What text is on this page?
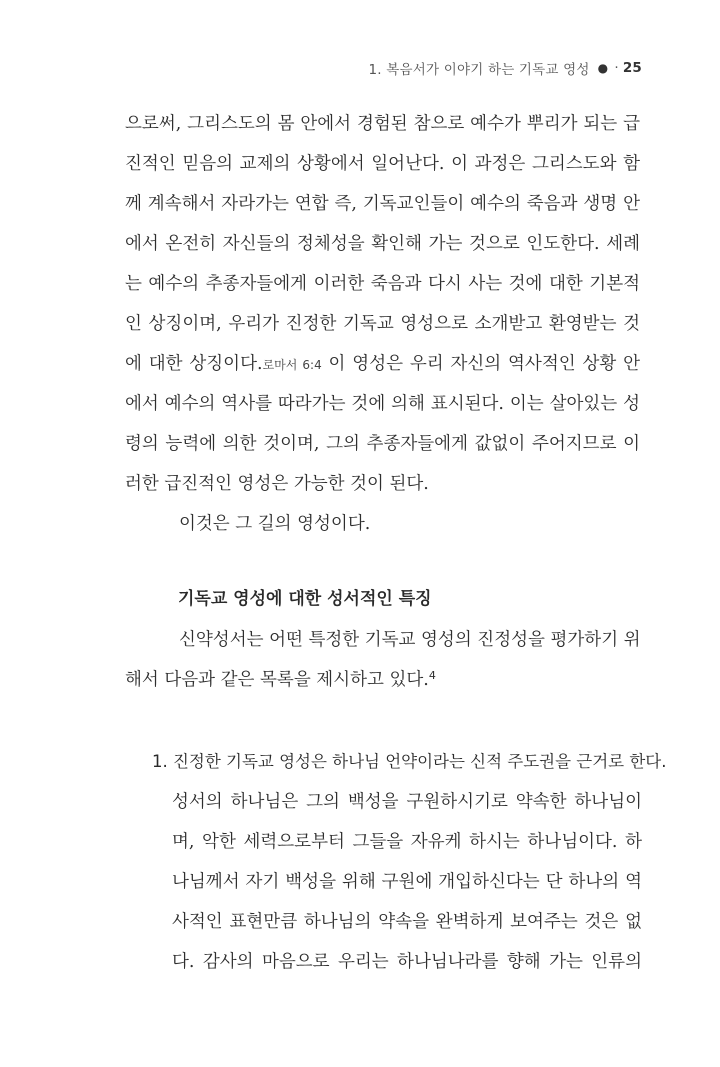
1. 복음서가 이야기 하는 기독교 영성 ● · 25
으로써, 그리스도의 몸 안에서 경험된 참으로 예수가 뿌리가 되는 급
진적인 믿음의 교제의 상황에서 일어난다. 이 과정은 그리스도와 함
께 계속해서 자라가는 연합 즉, 기독교인들이 예수의 죽음과 생명 안
에서 온전히 자신들의 정체성을 확인해 가는 것으로 인도한다. 세례
는 예수의 추종자들에게 이러한 죽음과 다시 사는 것에 대한 기본적
인 상징이며, 우리가 진정한 기독교 영성으로 소개받고 환영받는 것
에 대한 상징이다.로마서 6:4 이 영성은 우리 자신의 역사적인 상황 안
에서 예수의 역사를 따라가는 것에 의해 표시된다. 이는 살아있는 성
령의 능력에 의한 것이며, 그의 추종자들에게 값없이 주어지므로 이
러한 급진적인 영성은 가능한 것이 된다.
이것은 그 길의 영성이다.
기독교 영성에 대한 성서적인 특징
신약성서는 어떤 특정한 기독교 영성의 진정성을 평가하기 위
해서 다음과 같은 목록을 제시하고 있다.$^4$
1. 진정한 기독교 영성은 하나님 언약이라는 신적 주도권을 근거로 한다.
성서의 하나님은 그의 백성을 구원하시기로 약속한 하나님이
며, 악한 세력으로부터 그들을 자유케 하시는 하나님이다. 하
나님께서 자기 백성을 위해 구원에 개입하신다는 단 하나의 역
사적인 표현만큼 하나님의 약속을 완벽하게 보여주는 것은 없
다. 감사의 마음으로 우리는 하나님나라를 향해 가는 인류의
